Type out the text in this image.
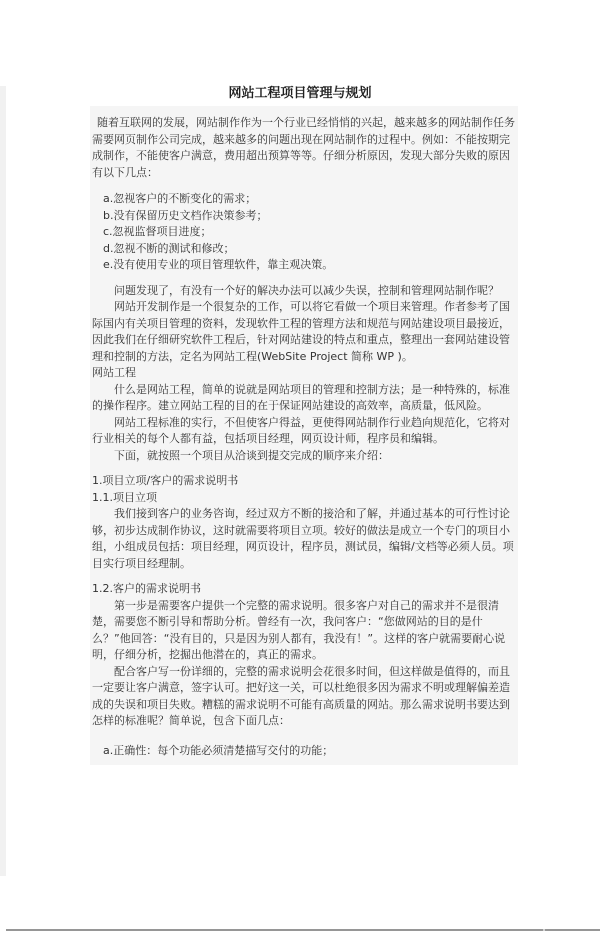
网站工程项目管理与规划

随着互联网的发展，网站制作作为一个行业已经悄悄的兴起，越来越多的网站制作任务需要网页制作公司完成，越来越多的问题出现在网站制作的过程中。例如：不能按期完成制作，不能使客户满意，费用超出预算等等。仔细分析原因，发现大部分失败的原因有以下几点：

a.忽视客户的不断变化的需求；

b.没有保留历史文档作决策参考；

c.忽视监督项目进度；

d.忽视不断的测试和修改；

e.没有使用专业的项目管理软件，靠主观决策。

问题发现了，有没有一个好的解决办法可以减少失误，控制和管理网站制作呢？

网站开发制作是一个很复杂的工作，可以将它看做一个项目来管理。作者参考了国际国内有关项目管理的资料，发现软件工程的管理方法和规范与网站建设项目最接近，因此我们在仔细研究软件工程后，针对网站建设的特点和重点，整理出一套网站建设管理和控制的方法，定名为网站工程(WebSite Project 简称 WP )。

网站工程

什么是网站工程，简单的说就是网站项目的管理和控制方法；是一种特殊的，标准的操作程序。建立网站工程的目的在于保证网站建设的高效率，高质量，低风险。

网站工程标准的实行，不但使客户得益，更使得网站制作行业趋向规范化，它将对行业相关的每个人都有益，包括项目经理，网页设计师，程序员和编辑。

下面，就按照一个项目从洽谈到提交完成的顺序来介绍：

1.项目立项/客户的需求说明书

1.1.项目立项

我们接到客户的业务咨询，经过双方不断的接洽和了解，并通过基本的可行性讨论够，初步达成制作协议，这时就需要将项目立项。较好的做法是成立一个专门的项目小组，小组成员包括：项目经理，网页设计，程序员，测试员，编辑/文档等必须人员。项目实行项目经理制。

1.2.客户的需求说明书

第一步是需要客户提供一个完整的需求说明。很多客户对自己的需求并不是很清楚，需要您不断引导和帮助分析。曾经有一次，我问客户：“您做网站的目的是什么？”他回答：“没有目的，只是因为别人都有，我没有！”。这样的客户就需要耐心说明，仔细分析，挖掘出他潜在的，真正的需求。

配合客户写一份详细的，完整的需求说明会花很多时间，但这样做是值得的，而且一定要让客户满意，签字认可。把好这一关，可以杜绝很多因为需求不明或理解偏差造成的失误和项目失败。糟糕的需求说明不可能有高质量的网站。那么需求说明书要达到怎样的标准呢？简单说，包含下面几点：

a.正确性：每个功能必须清楚描写交付的功能；
